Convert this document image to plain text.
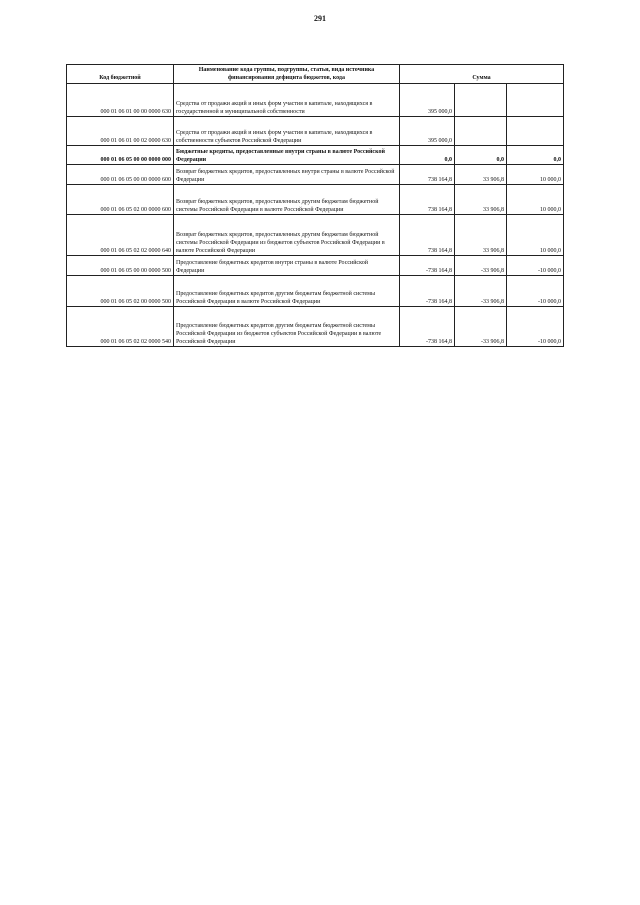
291
Код бюджетной	Наименование кода группы, подгруппы, статьи, вида источника финансирования дефицита бюджетов, кода	Сумма		
000 01 06 01 00 00 0000 630	Средства от продажи акций и иных форм участия в капитале, находящихся в государственной и муниципальной собственности	395 000,0		
000 01 06 01 00 02 0000 630	Средства от продажи акций и иных форм участия в капитале, находящихся в собственности субъектов Российской Федерации	395 000,0		
000 01 06 05 00 00 0000 000	Бюджетные кредиты, предоставленные внутри страны в валюте Российской Федерации	0,0	0,0	0,0
000 01 06 05 00 00 0000 600	Возврат бюджетных кредитов, предоставленных внутри страны в валюте Российской Федерации	738 164,8	33 906,8	10 000,0
000 01 06 05 02 00 0000 600	Возврат бюджетных кредитов, предоставленных другим бюджетам бюджетной системы Российской Федерации в валюте Российской Федерации	738 164,8	33 906,8	10 000,0
000 01 06 05 02 02 0000 640	Возврат бюджетных кредитов, предоставленных другим бюджетам бюджетной системы Российской Федерации из бюджетов субъектов Российской Федерации в валюте Российской Федерации	738 164,8	33 906,8	10 000,0
000 01 06 05 00 00 0000 500	Предоставление бюджетных кредитов внутри страны в валюте Российской Федерации	-738 164,8	-33 906,8	-10 000,0
000 01 06 05 02 00 0000 500	Предоставление бюджетных кредитов другим бюджетам бюджетной системы Российской Федерации в валюте Российской Федерации	-738 164,8	-33 906,8	-10 000,0
000 01 06 05 02 02 0000 540	Предоставление бюджетных кредитов другим бюджетам бюджетной системы Российской Федерации из бюджетов субъектов Российской Федерации в валюте Российской Федерации	-738 164,8	-33 906,8	-10 000,0
